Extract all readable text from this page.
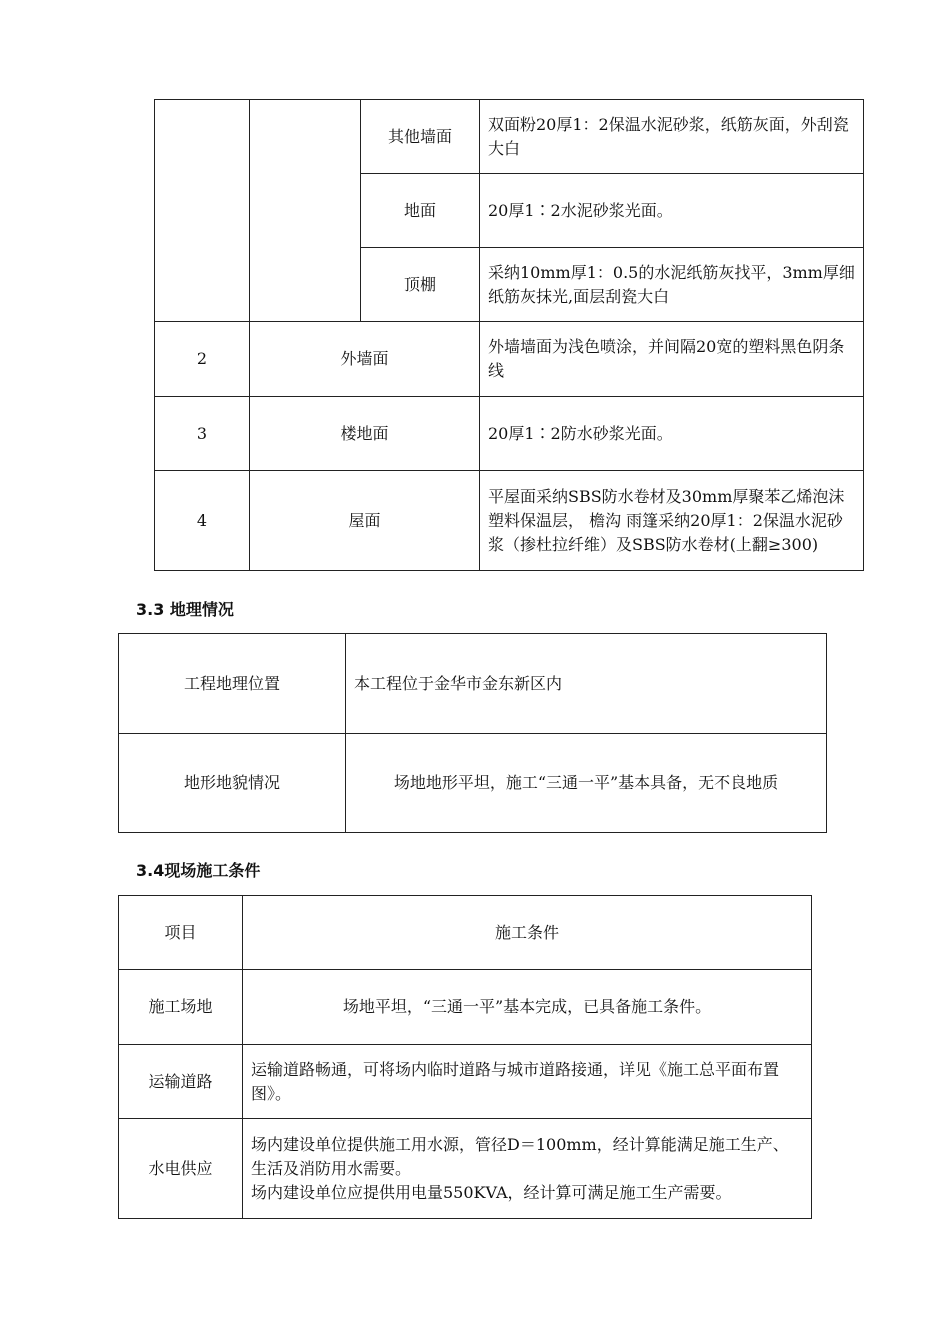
		其他墙面	双面粉20厚1：2保温水泥砂浆，纸筋灰面，外刮瓷大白
		地面	20厚1∶2水泥砂浆光面。
		顶棚	采纳10mm厚1：0.5的水泥纸筋灰找平，3mm厚细纸筋灰抹光,面层刮瓷大白
2	外墙面		外墙墙面为浅色喷涂，并间隔20宽的塑料黑色阴条线
3	楼地面		20厚1∶2防水砂浆光面。
4	屋面		平屋面采纳SBS防水卷材及30mm厚聚苯乙烯泡沫塑料保温层， 檐沟 雨篷采纳20厚1：2保温水泥砂浆（掺杜拉纤维）及SBS防水卷材(上翻≥300)
3.3 地理情况
工程地理位置	本工程位于金华市金东新区内
地形地貌情况	场地地形平坦，施工“三通一平”基本具备，无不良地质
3.4现场施工条件
项目	施工条件
施工场地	场地平坦，“三通一平”基本完成，已具备施工条件。
运输道路	运输道路畅通，可将场内临时道路与城市道路接通，详见《施工总平面布置图》。
水电供应	场内建设单位提供施工用水源，管径D＝100mm，经计算能满足施工生产、生活及消防用水需要。
场内建设单位应提供用电量550KVA，经计算可满足施工生产需要。
